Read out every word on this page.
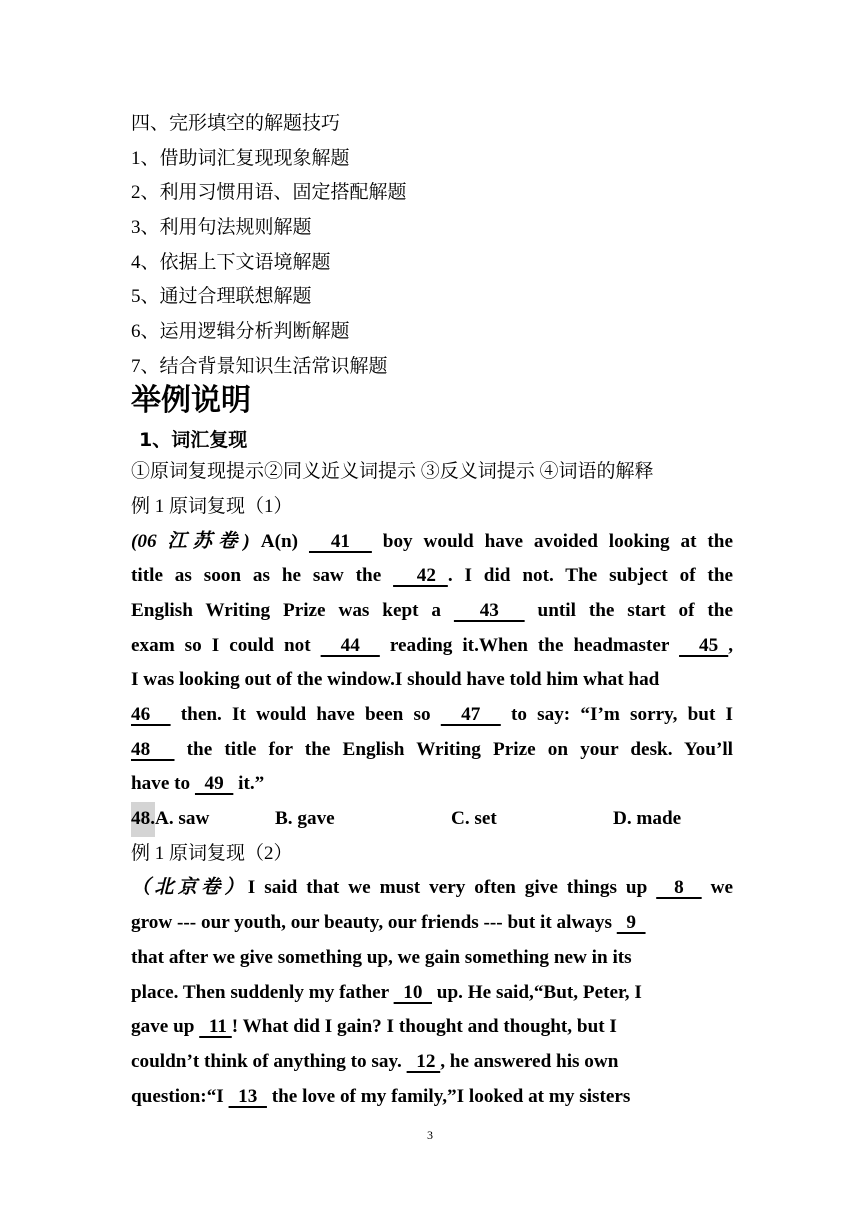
四、完形填空的解题技巧
1、借助词汇复现现象解题
2、利用习惯用语、固定搭配解题
3、利用句法规则解题
4、依据上下文语境解题
5、通过合理联想解题
6、运用逻辑分析判断解题
7、结合背景知识生活常识解题
举例说明
1、词汇复现
①原词复现提示②同义近义词提示 ③反义词提示 ④词语的解释
例 1 原词复现（1）
(06 江苏卷) A(n)   41   boy would have avoided looking at the
title as soon as he saw the   42 . I did not. The subject of the
English Writing Prize was kept a   43   until the start of the
exam so I could not   44   reading it.When the headmaster   45 ,
I was looking out of the window.I should have told him what had
46   then. It would have been so   47   to say: “I’m sorry, but I
48   the title for the English Writing Prize on your desk. You’ll
have to   49   it.”
48.A. saw	B. gave	C. set	D. made
例 1 原词复现（2）
（北京卷）I said that we must very often give things up   8   we
grow --- our youth, our beauty, our friends --- but it always   9
that after we give something up, we gain something new in its
place. Then suddenly my father   10   up. He said,“But, Peter, I
gave up   11 ! What did I gain? I thought and thought, but I
couldn’t think of anything to say.   12 , he answered his own
question:“I   13   the love of my family,”I looked at my sisters
3
